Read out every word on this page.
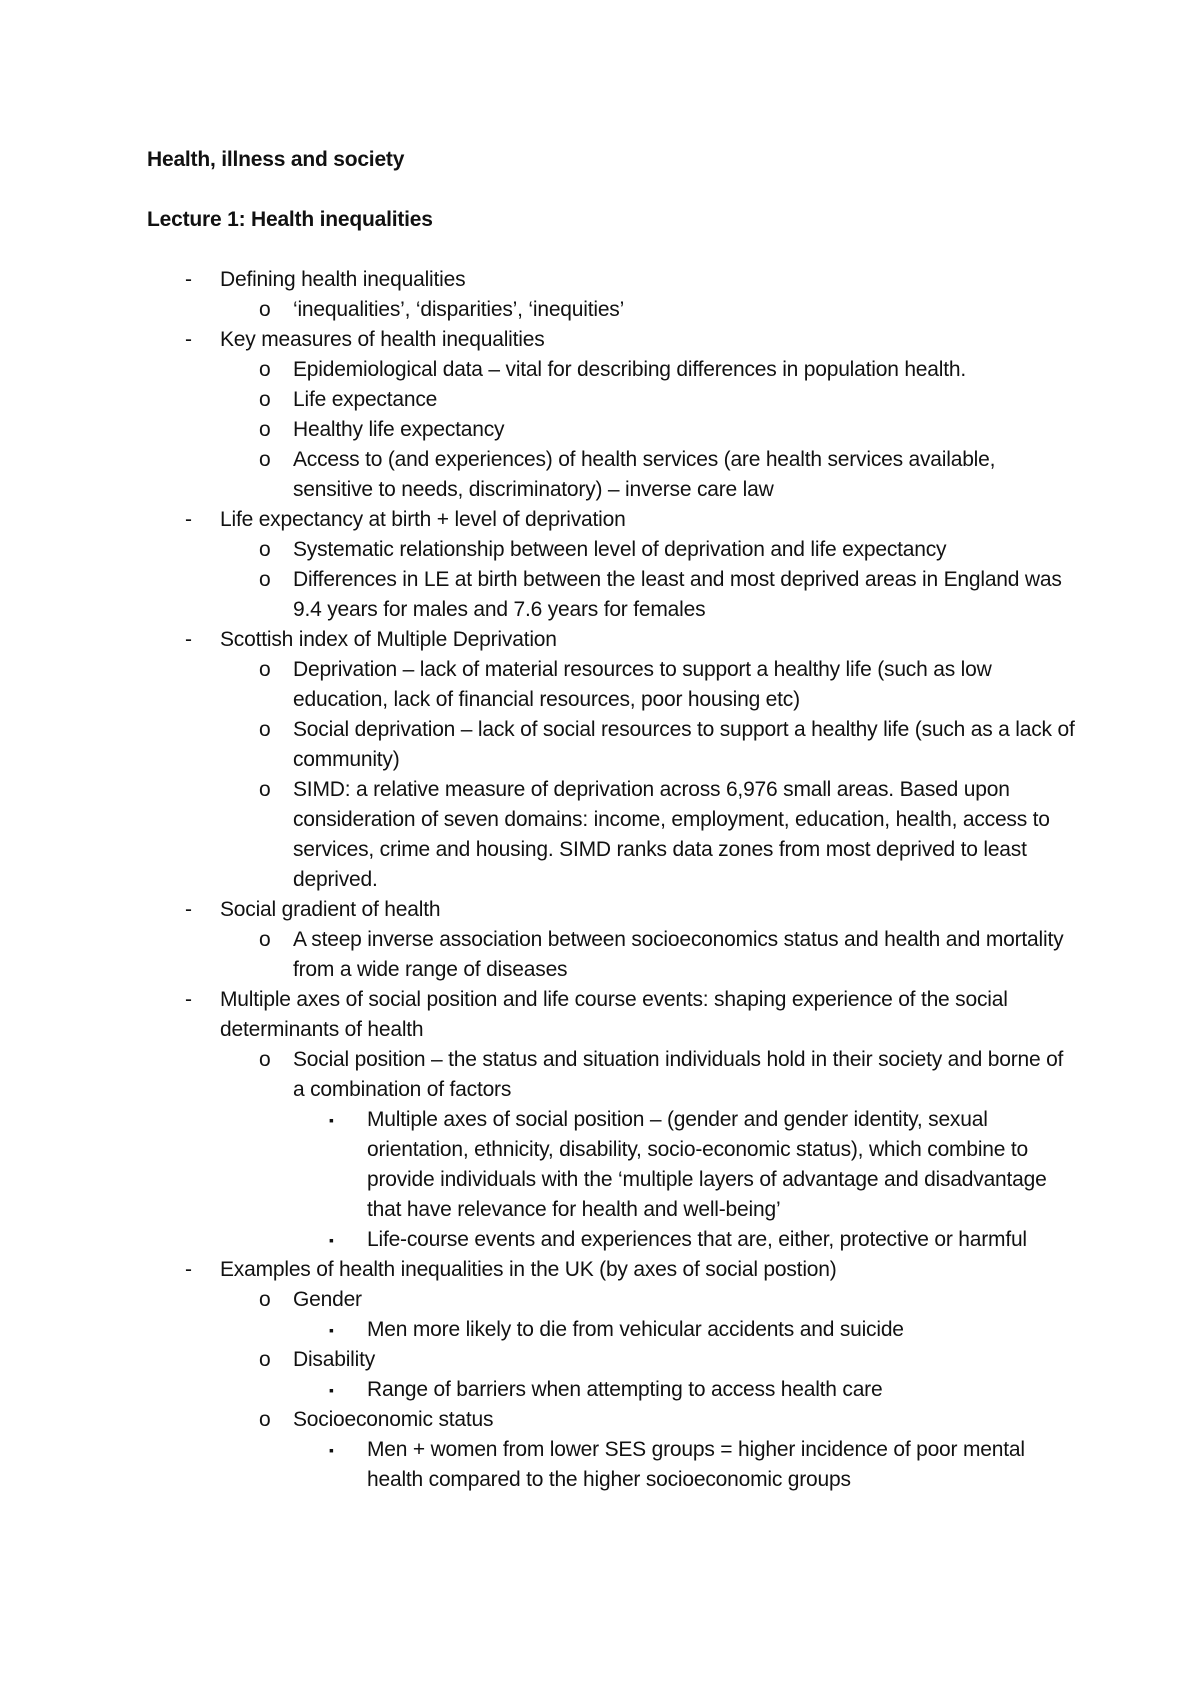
Health, illness and society
Lecture 1: Health inequalities
- Defining health inequalities
o ‘inequalities’, ‘disparities’, ‘inequities’
- Key measures of health inequalities
o Epidemiological data – vital for describing differences in population health.
o Life expectance
o Healthy life expectancy
o Access to (and experiences) of health services (are health services available, sensitive to needs, discriminatory) – inverse care law
- Life expectancy at birth + level of deprivation
o Systematic relationship between level of deprivation and life expectancy
o Differences in LE at birth between the least and most deprived areas in England was 9.4 years for males and 7.6 years for females
- Scottish index of Multiple Deprivation
o Deprivation – lack of material resources to support a healthy life (such as low education, lack of financial resources, poor housing etc)
o Social deprivation – lack of social resources to support a healthy life (such as a lack of community)
o SIMD: a relative measure of deprivation across 6,976 small areas. Based upon consideration of seven domains: income, employment, education, health, access to services, crime and housing. SIMD ranks data zones from most deprived to least deprived.
- Social gradient of health
o A steep inverse association between socioeconomics status and health and mortality from a wide range of diseases
- Multiple axes of social position and life course events: shaping experience of the social determinants of health
o Social position – the status and situation individuals hold in their society and borne of a combination of factors
▪ Multiple axes of social position – (gender and gender identity, sexual orientation, ethnicity, disability, socio-economic status), which combine to provide individuals with the ‘multiple layers of advantage and disadvantage that have relevance for health and well-being’
▪ Life-course events and experiences that are, either, protective or harmful
- Examples of health inequalities in the UK (by axes of social postion)
o Gender
▪ Men more likely to die from vehicular accidents and suicide
o Disability
▪ Range of barriers when attempting to access health care
o Socioeconomic status
▪ Men + women from lower SES groups = higher incidence of poor mental health compared to the higher socioeconomic groups
